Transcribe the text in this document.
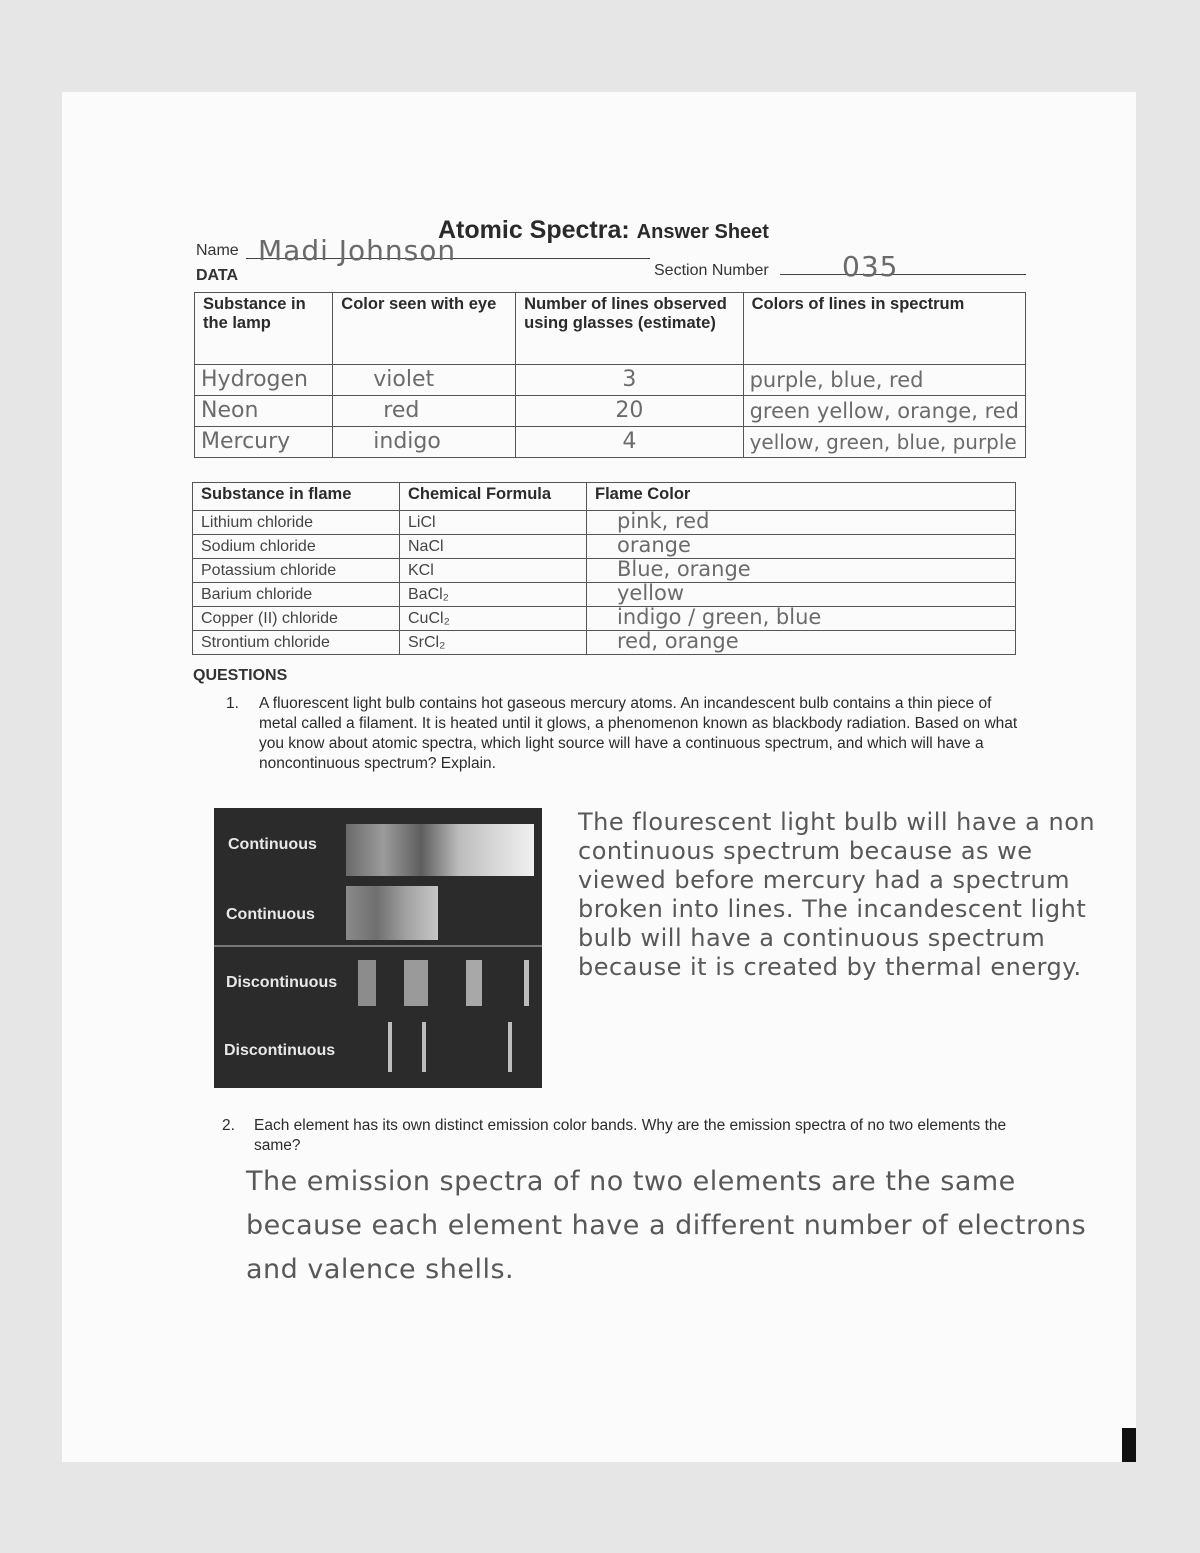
Atomic Spectra: Answer Sheet
Name Madi Johnson
DATA	Section Number	035
Substance in the lamp	Color seen with eye	Number of lines observed using glasses (estimate)	Colors of lines in spectrum
Hydrogen	violet	3	purple, blue, red
Neon	red	20	green yellow, orange, red
Mercury	indigo	4	yellow, green, blue, purple
Substance in flame	Chemical Formula	Flame Color
Lithium chloride	LiCl	pink, red
Sodium chloride	NaCl	orange
Potassium chloride	KCl	Blue, orange
Barium chloride	BaCl₂	yellow
Copper (II) chloride	CuCl₂	indigo / green, blue
Strontium chloride	SrCl₂	red, orange
QUESTIONS
1. A fluorescent light bulb contains hot gaseous mercury atoms. An incandescent bulb contains a thin piece of metal called a filament. It is heated until it glows, a phenomenon known as blackbody radiation. Based on what you know about atomic spectra, which light source will have a continuous spectrum, and which will have a noncontinuous spectrum? Explain.
Continuous
Continuous
Discontinuous
Discontinuous
The flourescent light bulb will have a non continuous spectrum because as we viewed before mercury had a spectrum broken into lines. The incandescent light bulb will have a continuous spectrum because it is created by thermal energy.
2. Each element has its own distinct emission color bands. Why are the emission spectra of no two elements the same?
The emission spectra of no two elements are the same because each element have a different number of electrons and valence shells.
